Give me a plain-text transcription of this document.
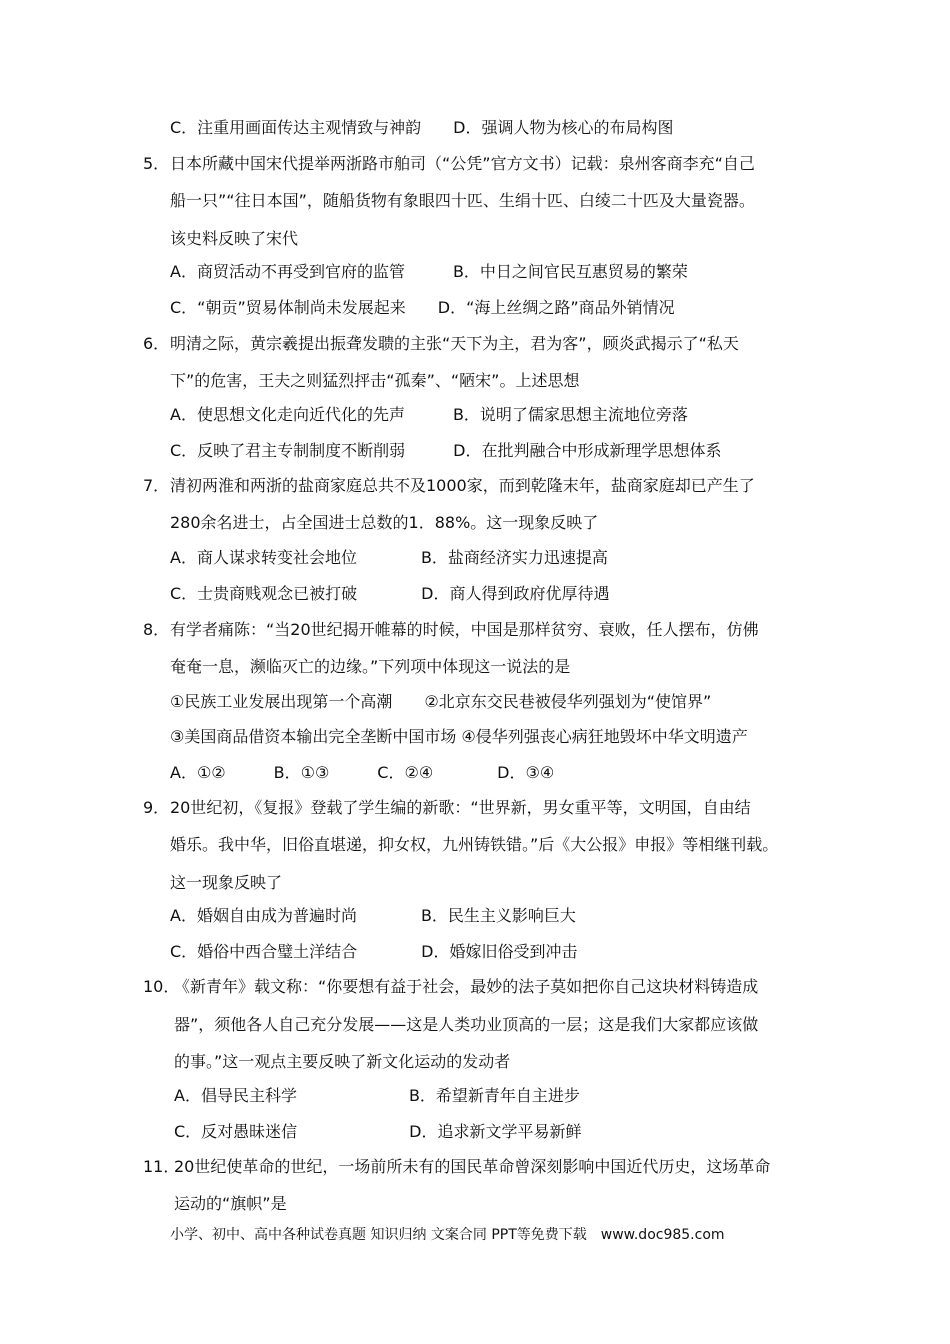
C．注重用画面传达主观情致与神韵　　D．强调人物为核心的布局构图
5． 日本所藏中国宋代提举两浙路市舶司（“公凭”官方文书）记载：泉州客商李充“自己
船一只”“往日本国”，随船货物有象眼四十匹、生绢十匹、白绫二十匹及大量瓷器。
该史料反映了宋代
A．商贸活动不再受到官府的监管　　　B．中日之间官民互惠贸易的繁荣
C．“朝贡”贸易体制尚未发展起来　　D．“海上丝绸之路”商品外销情况
6． 明清之际，黄宗羲提出振聋发聩的主张“天下为主，君为客”，顾炎武揭示了“私天
下”的危害，王夫之则猛烈抨击“孤秦”、“陋宋”。上述思想
A．使思想文化走向近代化的先声　　　B．说明了儒家思想主流地位旁落
C．反映了君主专制制度不断削弱　　　D．在批判融合中形成新理学思想体系
7． 清初两淮和两浙的盐商家庭总共不及1000家，而到乾隆末年，盐商家庭却已产生了
280余名进士，占全国进士总数的1．88%。这一现象反映了
A．商人谋求转变社会地位　　　　B．盐商经济实力迅速提高
C．士贵商贱观念已被打破　　　　D．商人得到政府优厚待遇
8． 有学者痛陈：“当20世纪揭开帷幕的时候，中国是那样贫穷、衰败，任人摆布，仿佛
奄奄一息，濒临灭亡的边缘。”下列项中体现这一说法的是
①民族工业发展出现第一个高潮　　②北京东交民巷被侵华列强划为“使馆界”
③美国商品借资本输出完全垄断中国市场 ④侵华列强丧心病狂地毁坏中华文明遗产
A．①②　　　B．①③　　　C．②④　　　　D．③④
9． 20世纪初，《复报》登载了学生编的新歌：“世界新，男女重平等，文明国，自由结
婚乐。我中华，旧俗直堪递，抑女权，九州铸铁错。”后《大公报》申报》等相继刊载。
这一现象反映了
A．婚姻自由成为普遍时尚　　　　B．民生主义影响巨大
C．婚俗中西合璧土洋结合　　　　D．婚嫁旧俗受到冲击
10．
《新青年》载文称：“你要想有益于社会，最妙的法子莫如把你自己这块材料铸造成
器”，须他各人自己充分发展——这是人类功业顶高的一层；这是我们大家都应该做
的事。”这一观点主要反映了新文化运动的发动者
A．倡导民主科学　　　　　　　B．希望新青年自主进步
C．反对愚昧迷信　　　　　　　D．追求新文学平易新鲜
11．
20世纪使革命的世纪，一场前所未有的国民革命曾深刻影响中国近代历史，这场革命
运动的“旗帜”是
小学、初中、高中各种试卷真题 知识归纳 文案合同 PPT等免费下载　www.doc985.com
